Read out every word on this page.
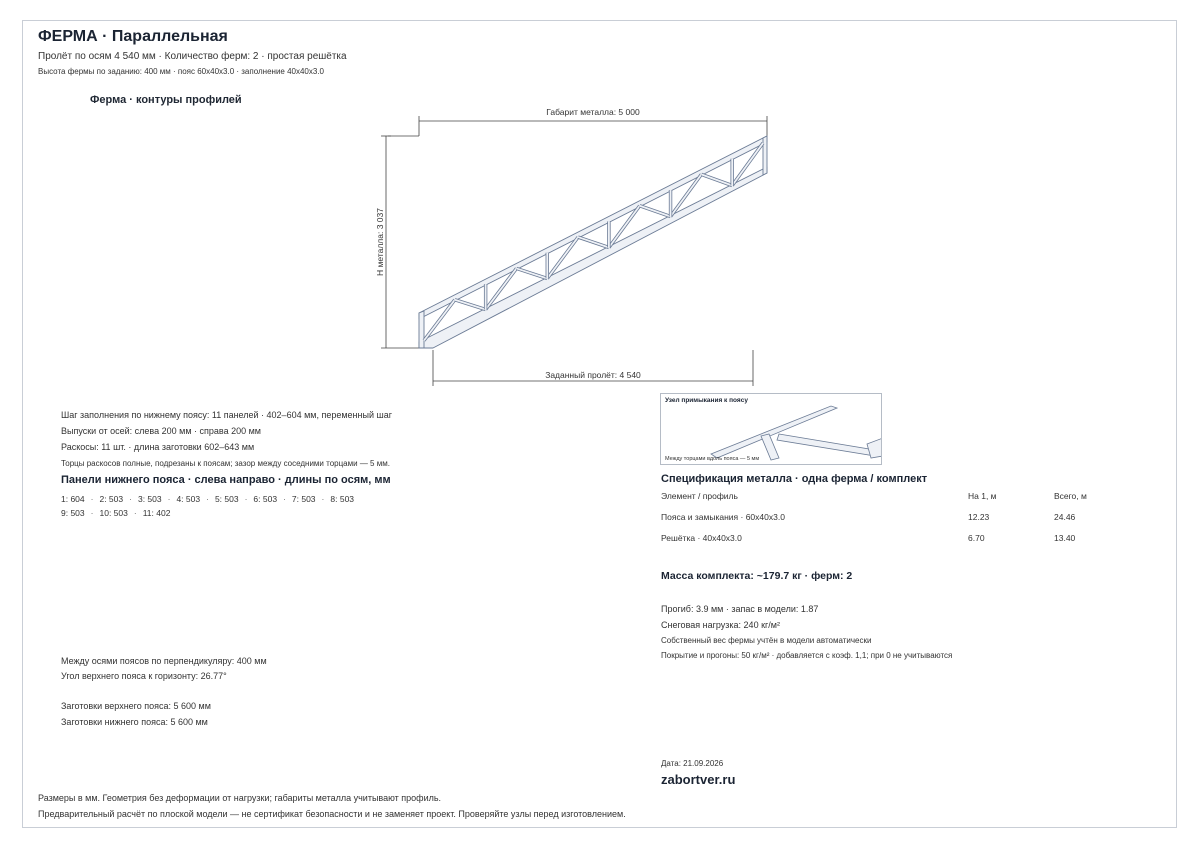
ФЕРМА · Параллельная
Пролёт по осям 4 540 мм · Количество ферм: 2 · простая решётка
Высота фермы по заданию: 400 мм · пояс 60x40x3.0 · заполнение 40x40x3.0
Ферма · контуры профилей
Габарит металла: 5 000
H металла: 3 037
Заданный пролёт: 4 540
Шаг заполнения по нижнему поясу: 11 панелей · 402–604 мм, переменный шаг
Выпуски от осей: слева 200 мм · справа 200 мм
Раскосы: 11 шт. · длина заготовки 602–643 мм
Торцы раскосов полные, подрезаны к поясам; зазор между соседними торцами — 5 мм.
Панели нижнего пояса · слева направо · длины по осям, мм
1: 604 · 2: 503 · 3: 503 · 4: 503 · 5: 503 · 6: 503 · 7: 503 · 8: 503
9: 503 · 10: 503 · 11: 402
Узел примыкания к поясу
Между торцами вдоль пояса — 5 мм
Спецификация металла · одна ферма / комплект
Элемент / профиль	На 1, м	Всего, м
Пояса и замыкания · 60x40x3.0	12.23	24.46
Решётка · 40x40x3.0	6.70	13.40
Масса комплекта: ~179.7 кг · ферм: 2
Прогиб: 3.9 мм · запас в модели: 1.87
Снеговая нагрузка: 240 кг/м²
Собственный вес фермы учтён в модели автоматически
Покрытие и прогоны: 50 кг/м² · добавляется с коэф. 1,1; при 0 не учитываются
Между осями поясов по перпендикуляру: 400 мм
Угол верхнего пояса к горизонту: 26.77°
Заготовки верхнего пояса: 5 600 мм
Заготовки нижнего пояса: 5 600 мм
Дата: 21.09.2026
zabortver.ru
Размеры в мм. Геометрия без деформации от нагрузки; габариты металла учитывают профиль.
Предварительный расчёт по плоской модели — не сертификат безопасности и не заменяет проект. Проверяйте узлы перед изготовлением.
